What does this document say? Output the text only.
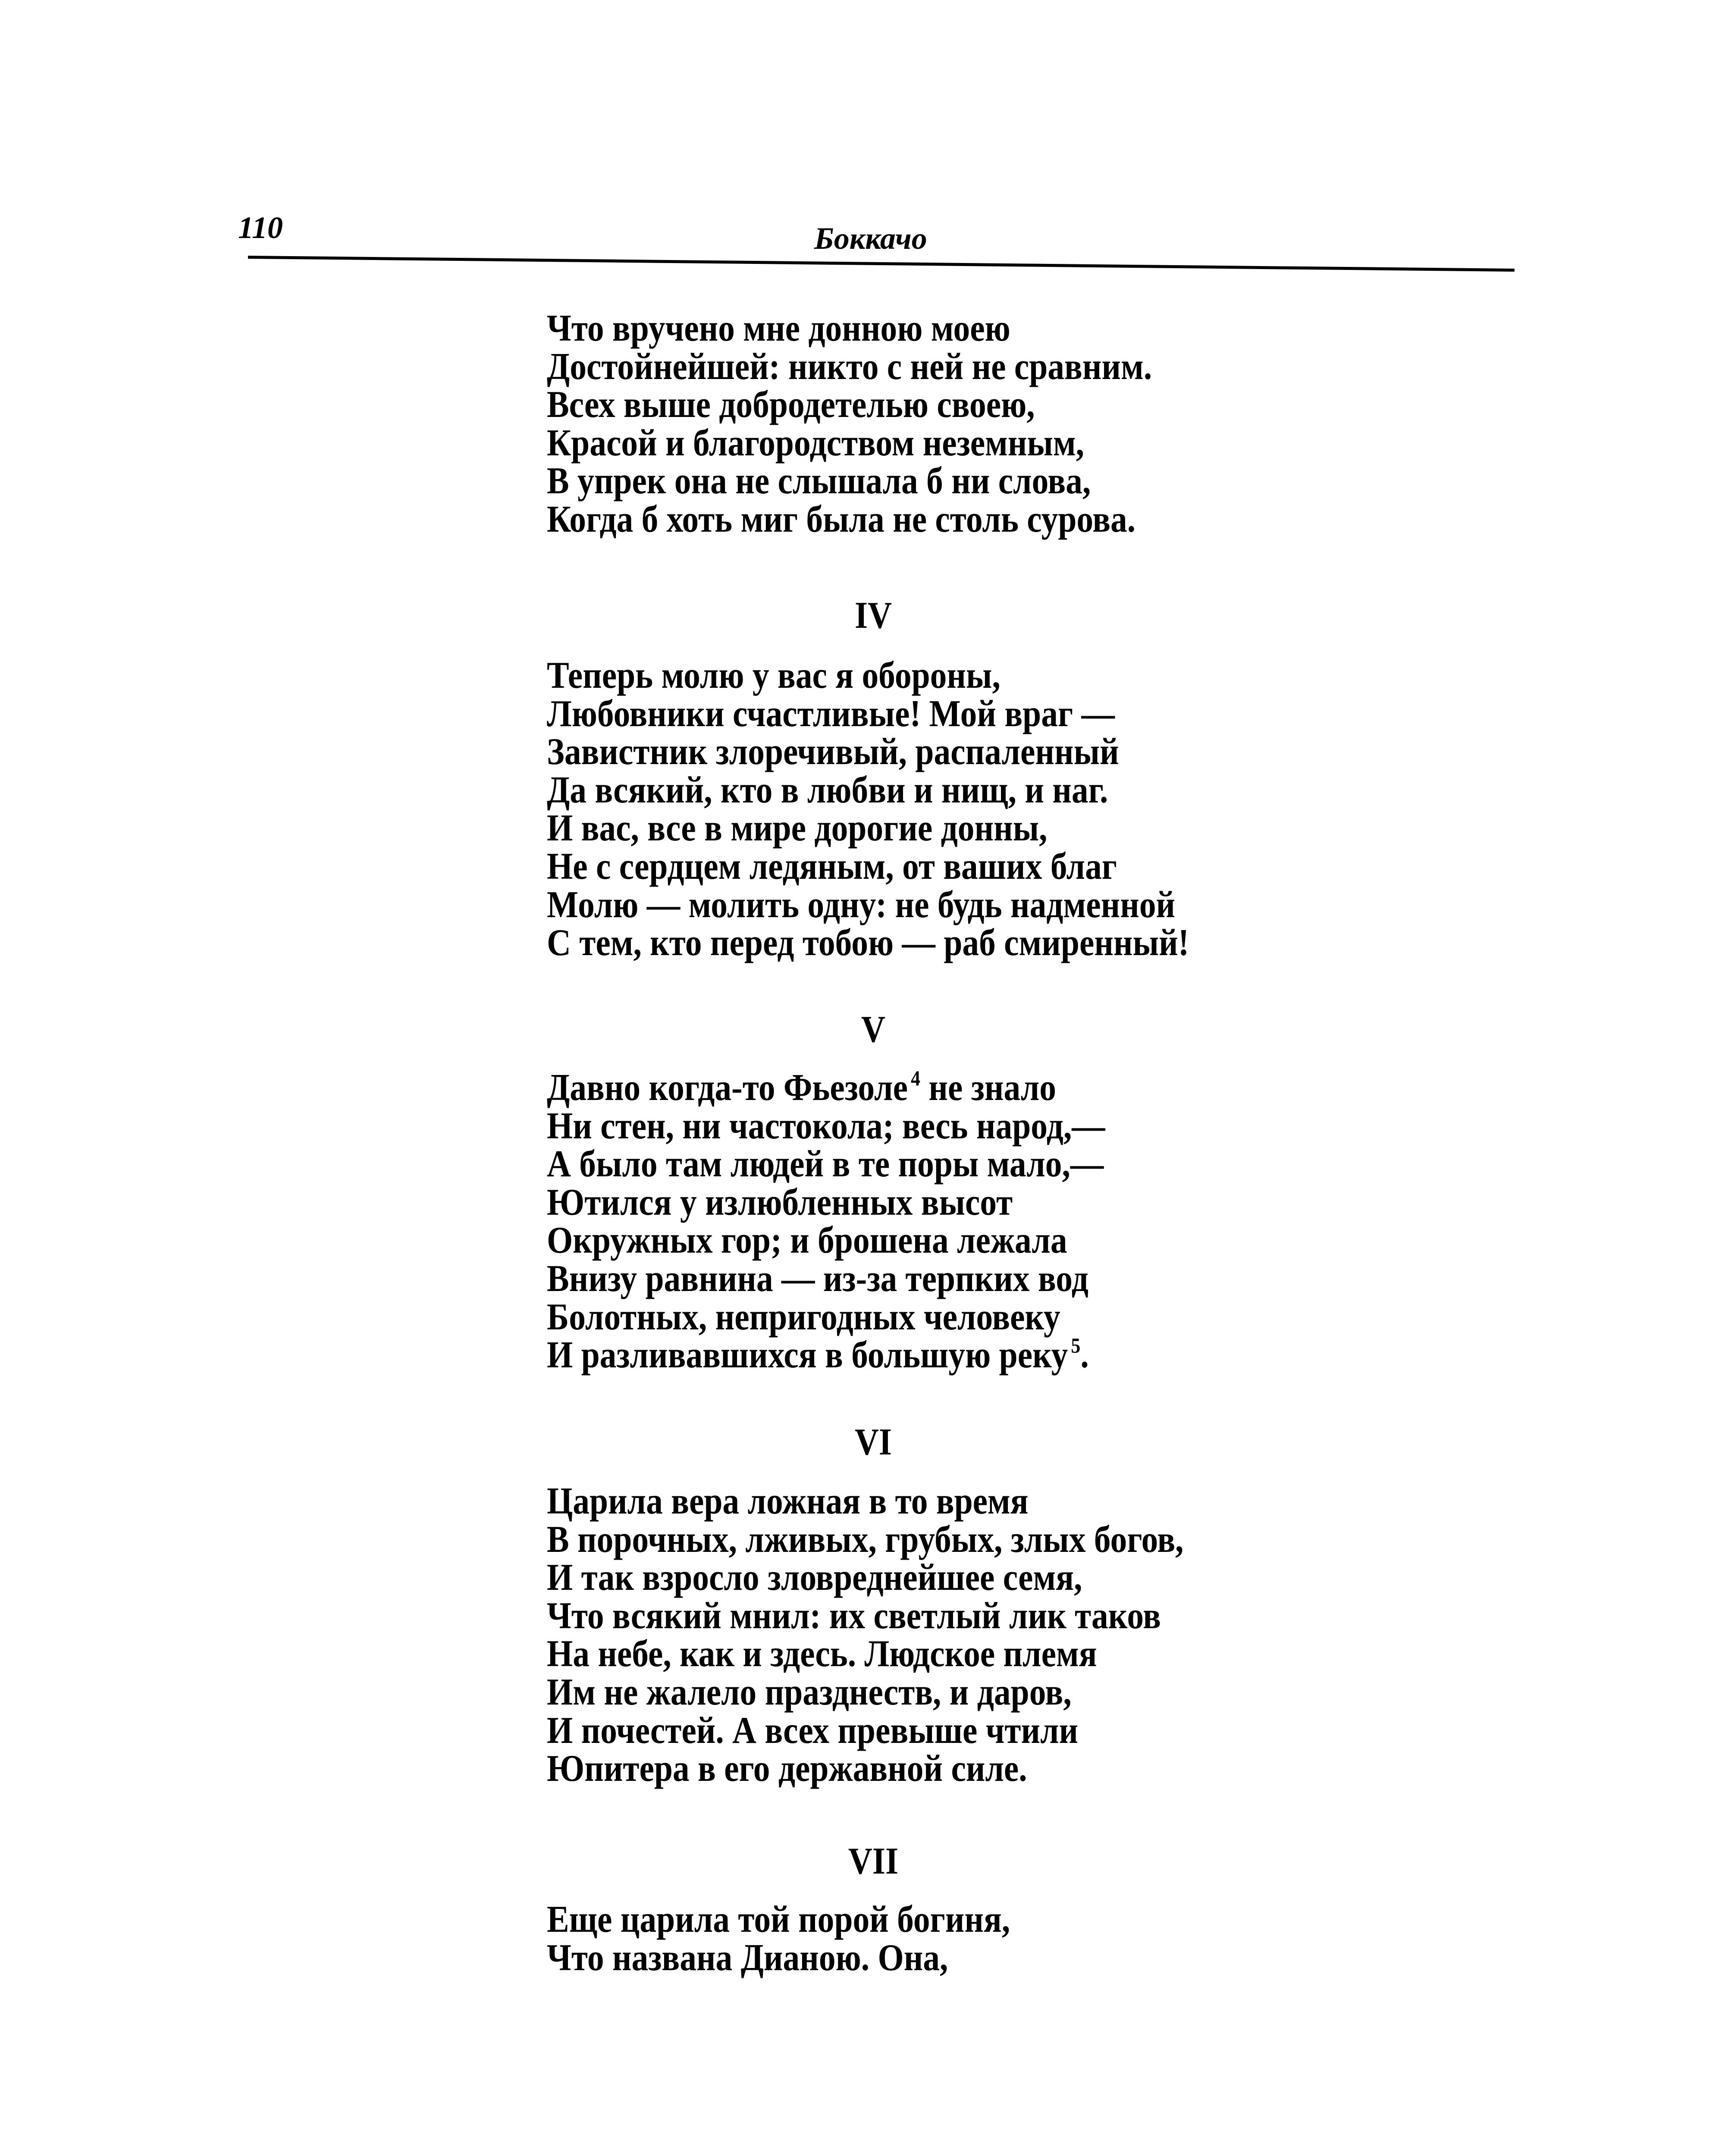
110	Боккачо
Что вручено мне донною моею
Достойнейшей: никто с ней не сравним.
Всех выше добродетелью своею,
Красой и благородством неземным,
В упрек она не слышала б ни слова,
Когда б хоть миг была не столь сурова.
IV
Теперь молю у вас я обороны,
Любовники счастливые! Мой враг —
Завистник злоречивый, распаленный
Да всякий, кто в любви и нищ, и наг.
И вас, все в мире дорогие донны,
Не с сердцем ледяным, от ваших благ
Молю — молить одну: не будь надменной
С тем, кто перед тобою — раб смиренный!
V
Давно когда-то Фьезоле $^4$ не знало
Ни стен, ни частокола; весь народ,—
А было там людей в те поры мало,—
Ютился у излюбленных высот
Окружных гор; и брошена лежала
Внизу равнина — из-за терпких вод
Болотных, непригодных человеку
И разливавшихся в большую реку $^5$.
VI
Царила вера ложная в то время
В порочных, лживых, грубых, злых богов,
И так взросло зловреднейшее семя,
Что всякий мнил: их светлый лик таков
На небе, как и здесь. Людское племя
Им не жалело празднеств, и даров,
И почестей. А всех превыше чтили
Юпитера в его державной силе.
VII
Еще царила той порой богиня,
Что названа Дианою. Она,
